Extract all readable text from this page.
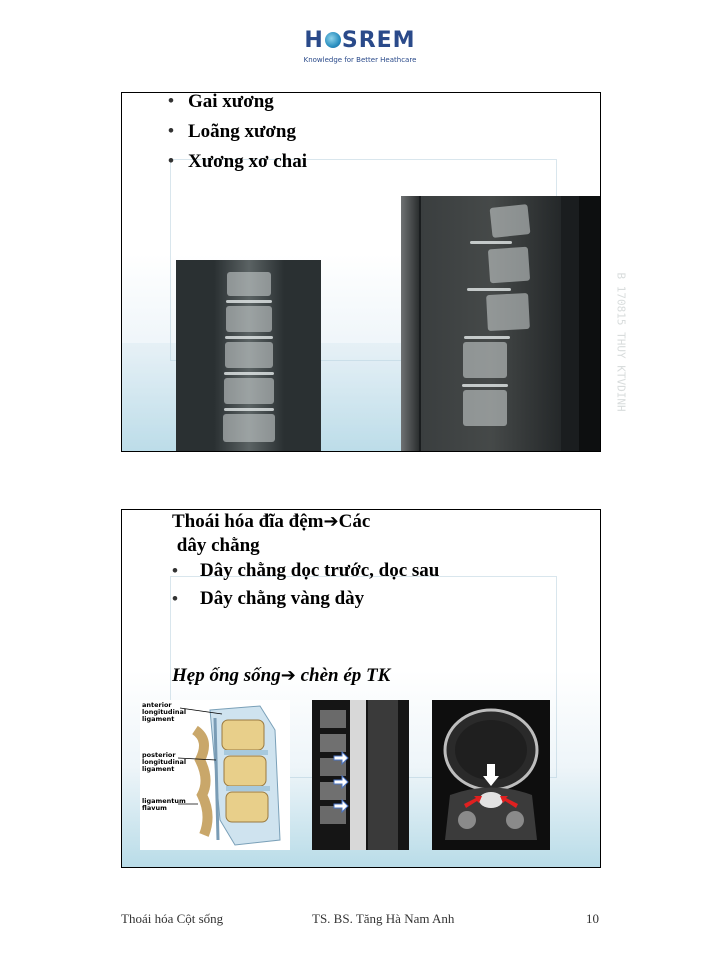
H SREM
Knowledge for Better Heathcare
• Gai xương
• Loãng xương
• Xương xơ chai
B 170815 THUY KTVDINH
Thoái hóa đĩa đệm➔Các
dây chằng
• Dây chằng dọc trước, dọc sau
• Dây chằng vàng dày
Hẹp ống sống➔ chèn ép TK
anterior longitudinal ligament
posterior longitudinal ligament
ligamentum flavum
Thoái hóa Cột sống	TS. BS. Tăng Hà Nam Anh	10
